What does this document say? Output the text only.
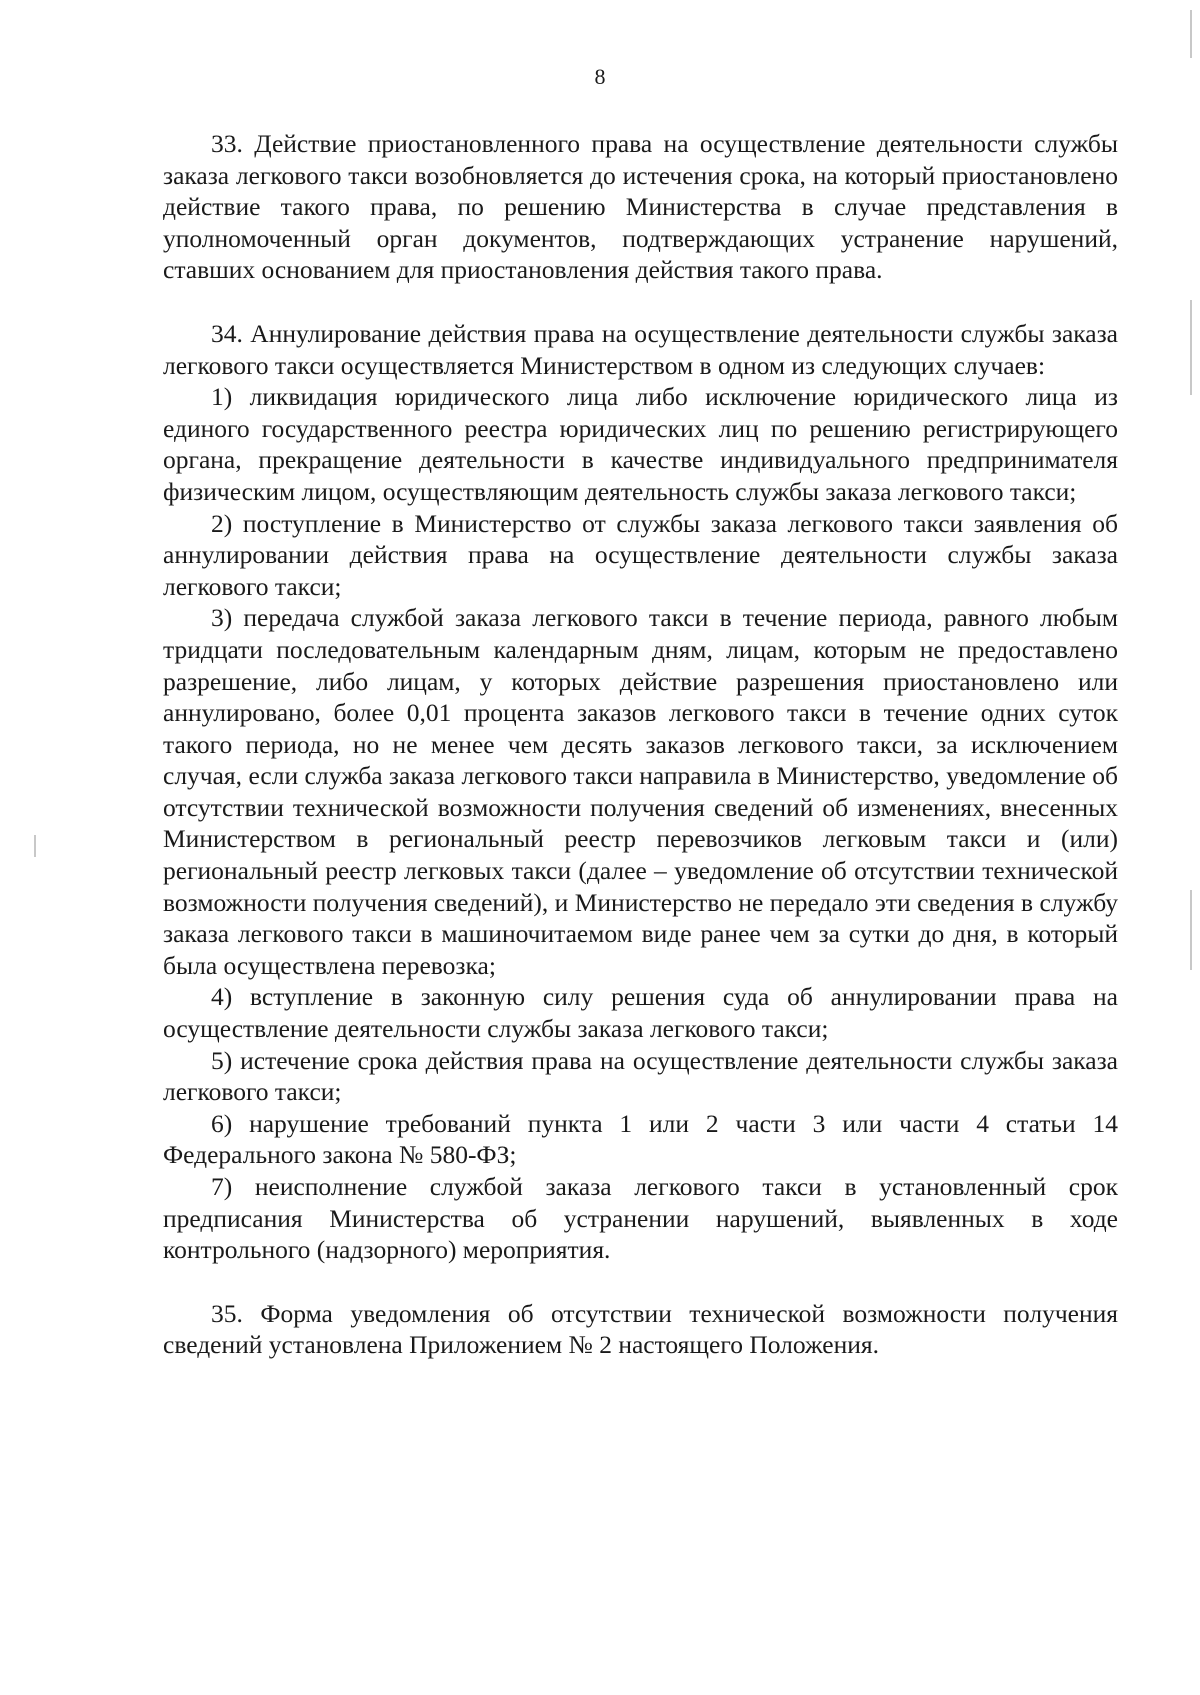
8

33. Действие приостановленного права на осуществление деятельности службы заказа легкового такси возобновляется до истечения срока, на который приостановлено действие такого права, по решению Министерства в случае представления в уполномоченный орган документов, подтверждающих устранение нарушений, ставших основанием для приостановления действия такого права.

34. Аннулирование действия права на осуществление деятельности службы заказа легкового такси осуществляется Министерством в одном из следующих случаев:

1) ликвидация юридического лица либо исключение юридического лица из единого государственного реестра юридических лиц по решению регистрирующего органа, прекращение деятельности в качестве индивидуального предпринимателя физическим лицом, осуществляющим деятельность службы заказа легкового такси;

2) поступление в Министерство от службы заказа легкового такси заявления об аннулировании действия права на осуществление деятельности службы заказа легкового такси;

3) передача службой заказа легкового такси в течение периода, равного любым тридцати последовательным календарным дням, лицам, которым не предоставлено разрешение, либо лицам, у которых действие разрешения приостановлено или аннулировано, более 0,01 процента заказов легкового такси в течение одних суток такого периода, но не менее чем десять заказов легкового такси, за исключением случая, если служба заказа легкового такси направила в Министерство, уведомление об отсутствии технической возможности получения сведений об изменениях, внесенных Министерством в региональный реестр перевозчиков легковым такси и (или) региональный реестр легковых такси (далее – уведомление об отсутствии технической возможности получения сведений), и Министерство не передало эти сведения в службу заказа легкового такси в машиночитаемом виде ранее чем за сутки до дня, в который была осуществлена перевозка;

4) вступление в законную силу решения суда об аннулировании права на осуществление деятельности службы заказа легкового такси;

5) истечение срока действия права на осуществление деятельности службы заказа легкового такси;

6) нарушение требований пункта 1 или 2 части 3 или части 4 статьи 14 Федерального закона № 580-ФЗ;

7) неисполнение службой заказа легкового такси в установленный срок предписания Министерства об устранении нарушений, выявленных в ходе контрольного (надзорного) мероприятия.

35. Форма уведомления об отсутствии технической возможности получения сведений установлена Приложением № 2 настоящего Положения.
